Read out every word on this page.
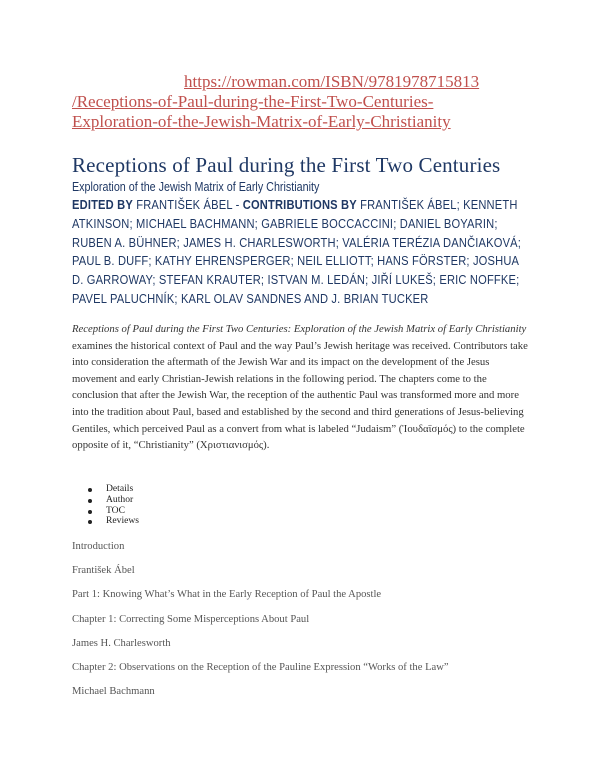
https://rowman.com/ISBN/9781978715813
/Receptions-of-Paul-during-the-First-Two-Centuries-
Exploration-of-the-Jewish-Matrix-of-Early-Christianity
Receptions of Paul during the First Two Centuries
Exploration of the Jewish Matrix of Early Christianity
EDITED BY FRANTIŠEK ÁBEL - CONTRIBUTIONS BY FRANTIŠEK ÁBEL; KENNETH ATKINSON; MICHAEL BACHMANN; GABRIELE BOCCACCINI; DANIEL BOYARIN; RUBEN A. BÜHNER; JAMES H. CHARLESWORTH; VALÉRIA TERÉZIA DANČIAKOVÁ; PAUL B. DUFF; KATHY EHRENSPERGER; NEIL ELLIOTT; HANS FÖRSTER; JOSHUA D. GARROWAY; STEFAN KRAUTER; ISTVAN M. LEDÁN; JIŘÍ LUKEŠ; ERIC NOFFKE; PAVEL PALUCHNÍK; KARL OLAV SANDNES AND J. BRIAN TUCKER
Receptions of Paul during the First Two Centuries: Exploration of the Jewish Matrix of Early Christianity examines the historical context of Paul and the way Paul’s Jewish heritage was received. Contributors take into consideration the aftermath of the Jewish War and its impact on the development of the Jesus movement and early Christian-Jewish relations in the following period. The chapters come to the conclusion that after the Jewish War, the reception of the authentic Paul was transformed more and more into the tradition about Paul, based and established by the second and third generations of Jesus-believing Gentiles, which perceived Paul as a convert from what is labeled “Judaism” (Ἰουδαϊσμός) to the complete opposite of it, “Christianity” (Χριστιανισμός).
Details
Author
TOC
Reviews
Introduction
František Ábel
Part 1: Knowing What’s What in the Early Reception of Paul the Apostle
Chapter 1: Correcting Some Misperceptions About Paul
James H. Charlesworth
Chapter 2: Observations on the Reception of the Pauline Expression “Works of the Law”
Michael Bachmann
